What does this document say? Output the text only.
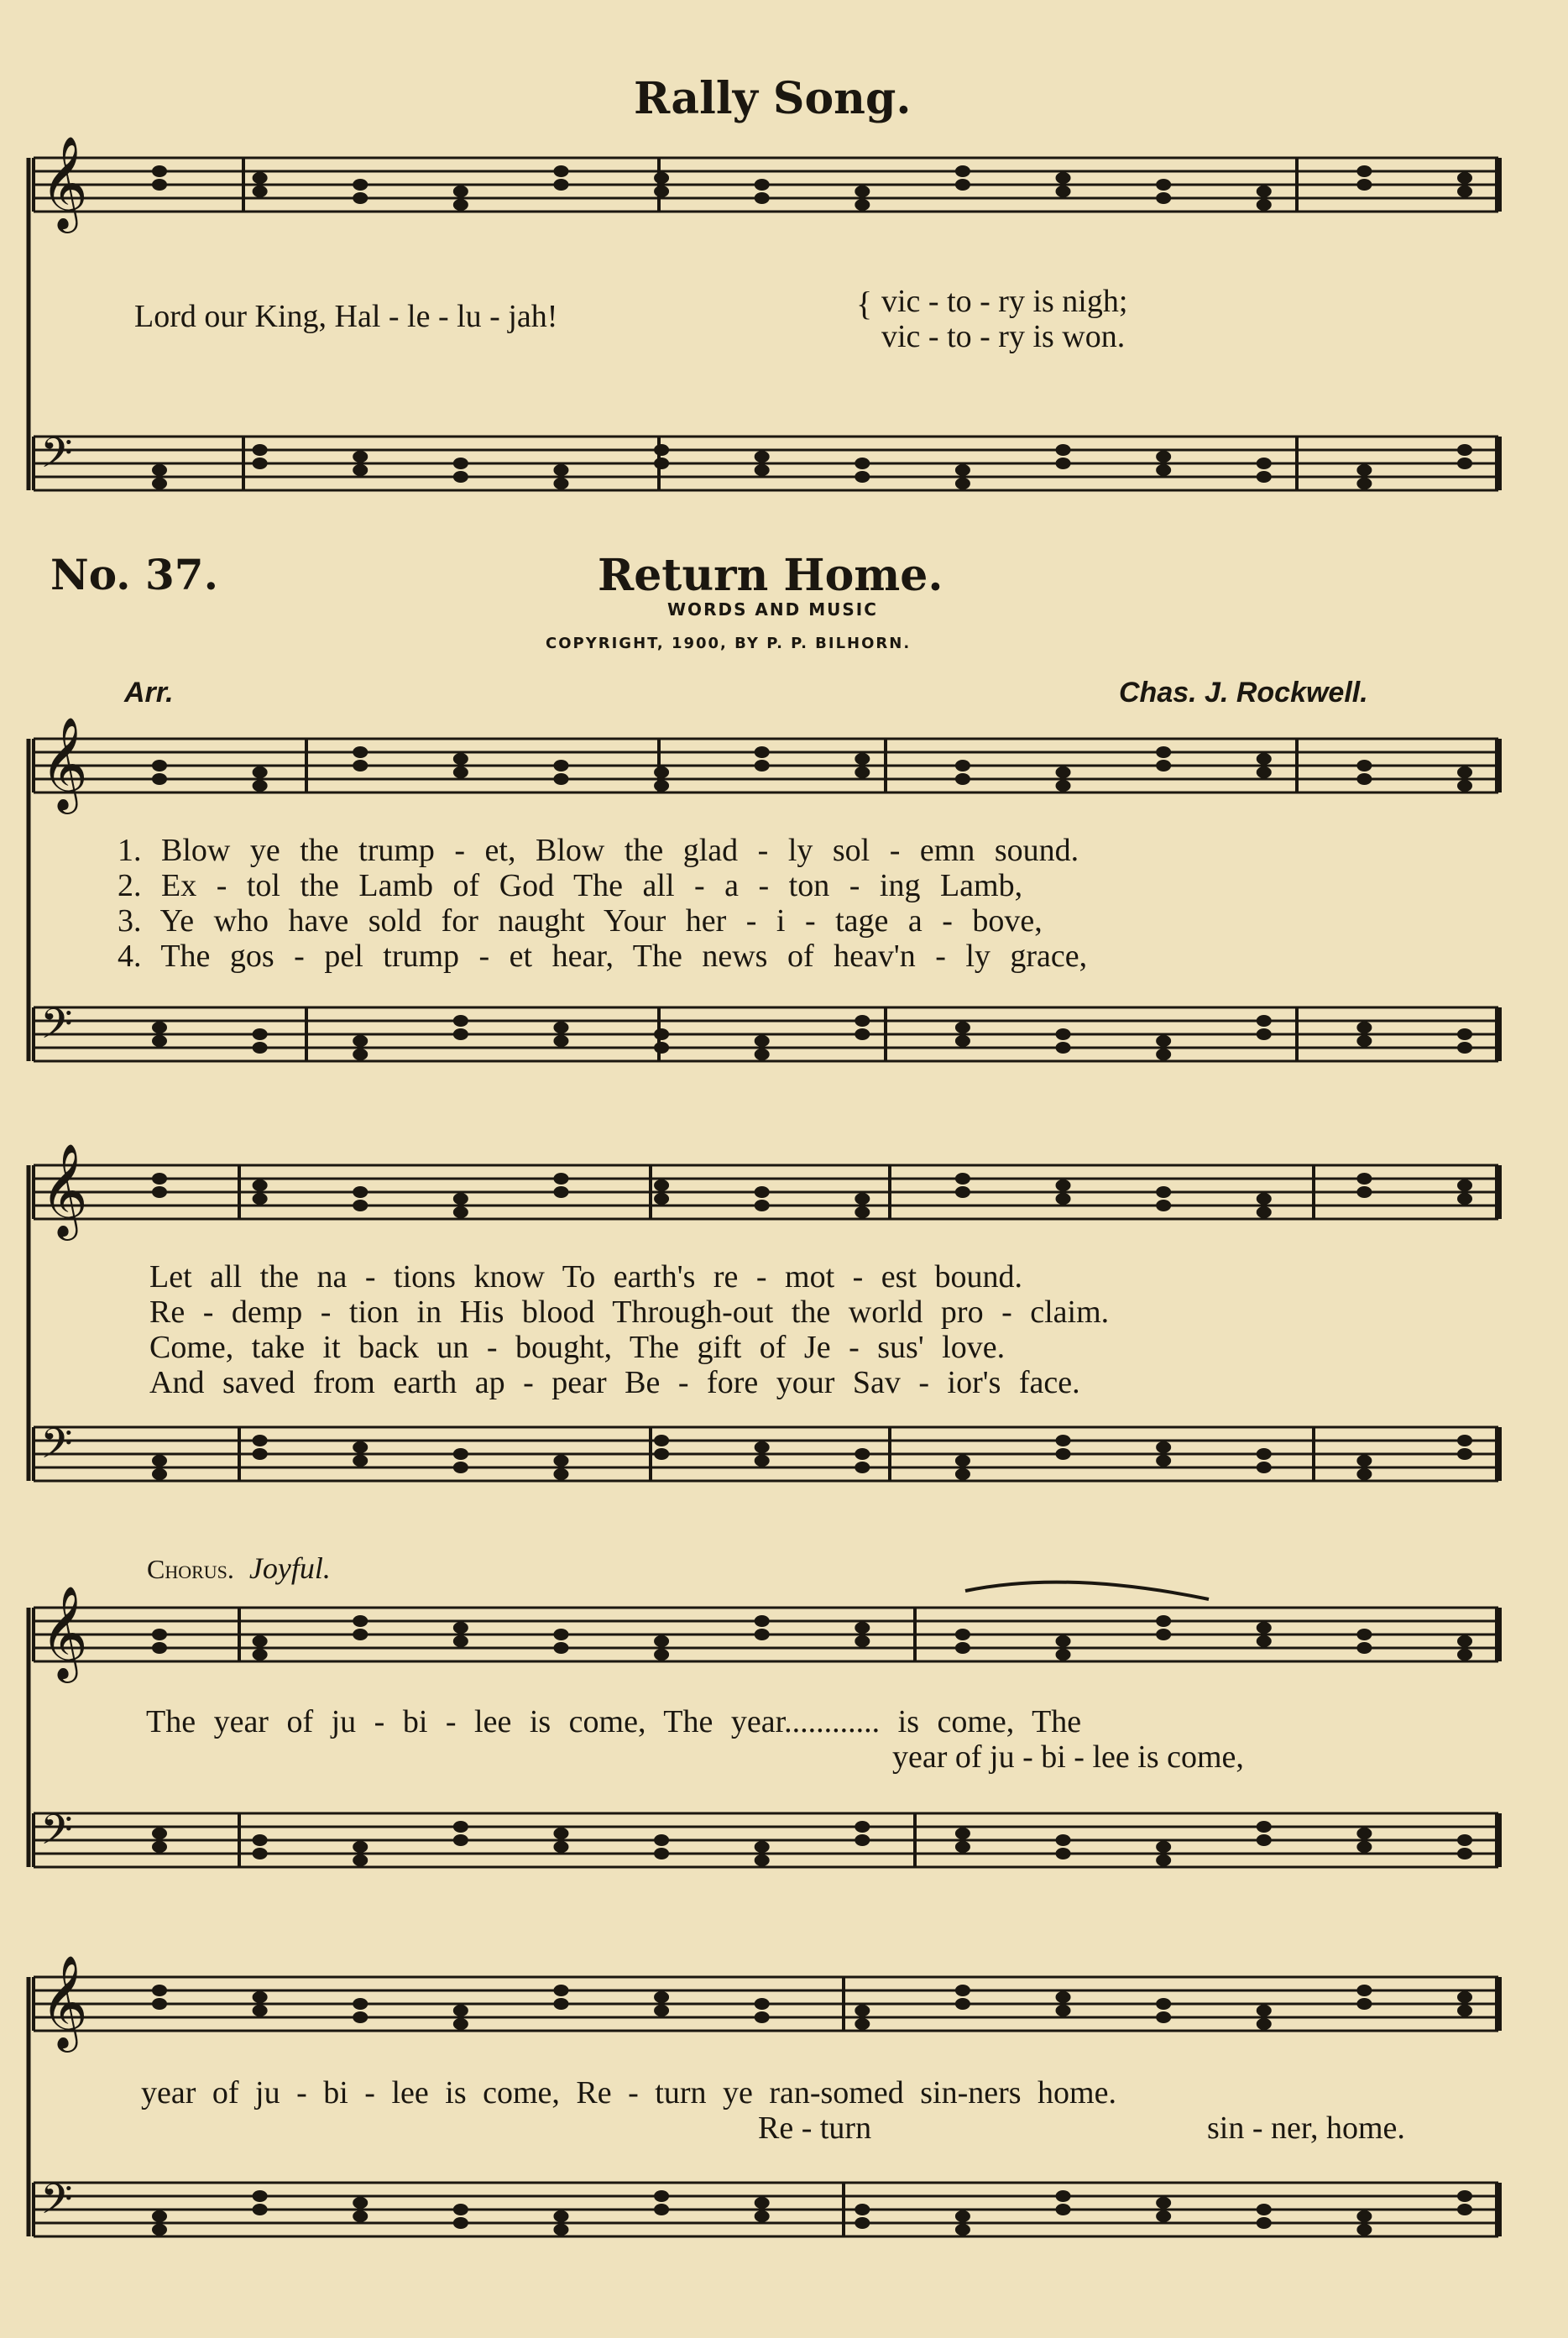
𝄞
𝄢
𝄞
𝄢
𝄞
𝄢
𝄞
𝄢
𝄞
𝄢
Rally Song.
Lord our King, Hal - le - lu - jah!	{ vic - to - ry is nigh;
vic - to - ry is won.
No. 37.	Return Home.
WORDS AND MUSIC
COPYRIGHT, 1900, BY P. P. BILHORN.
Arr.	Chas. J. Rockwell.
1. Blow ye the trump - et, Blow the glad - ly sol - emn sound.
2. Ex - tol the Lamb of God The all - a - ton - ing Lamb,
3. Ye who have sold for naught Your her - i - tage a - bove,
4. The gos - pel trump - et hear, The news of heav'n - ly grace,
Let all the na - tions know To earth's re - mot - est bound.
Re - demp - tion in His blood Through-out the world pro - claim.
Come, take it back un - bought, The gift of Je - sus' love.
And saved from earth ap - pear Be - fore your Sav - ior's face.
Chorus. Joyful.
The year of ju - bi - lee is come, The year............ is come, The
year of ju - bi - lee is come,
year of ju - bi - lee is come, Re - turn ye ran-somed sin-ners home.
Re - turn	sin - ner, home.
